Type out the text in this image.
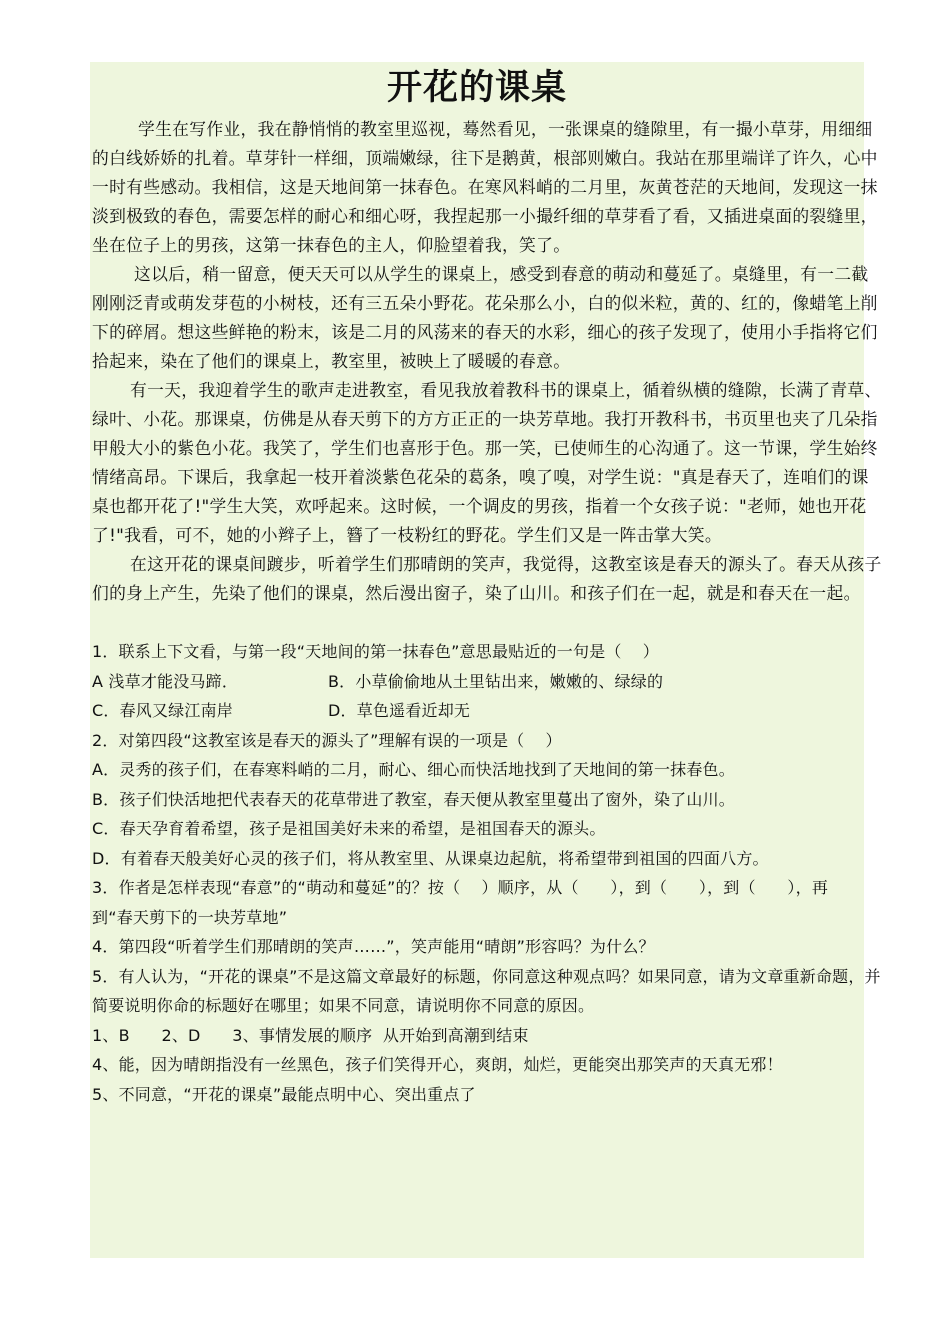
开花的课桌

学生在写作业，我在静悄悄的教室里巡视，蓦然看见，一张课桌的缝隙里，有一撮小草芽，用细细的白线娇娇的扎着。草芽针一样细，顶端嫩绿，往下是鹅黄，根部则嫩白。我站在那里端详了许久，心中一时有些感动。我相信，这是天地间第一抹春色。在寒风料峭的二月里，灰黄苍茫的天地间，发现这一抹淡到极致的春色，需要怎样的耐心和细心呀，我捏起那一小撮纤细的草芽看了看，又插进桌面的裂缝里，坐在位子上的男孩，这第一抹春色的主人，仰脸望着我，笑了。

这以后，稍一留意，便天天可以从学生的课桌上，感受到春意的萌动和蔓延了。桌缝里，有一二截刚刚泛青或萌发芽苞的小树枝，还有三五朵小野花。花朵那么小，白的似米粒，黄的、红的，像蜡笔上削下的碎屑。想这些鲜艳的粉末，该是二月的风荡来的春天的水彩，细心的孩子发现了，使用小手指将它们拾起来，染在了他们的课桌上，教室里，被映上了暖暖的春意。

有一天，我迎着学生的歌声走进教室，看见我放着教科书的课桌上，循着纵横的缝隙，长满了青草、绿叶、小花。那课桌，仿佛是从春天剪下的方方正正的一块芳草地。我打开教科书，书页里也夹了几朵指甲般大小的紫色小花。我笑了，学生们也喜形于色。那一笑，已使师生的心沟通了。这一节课，学生始终情绪高昂。下课后，我拿起一枝开着淡紫色花朵的葛条，嗅了嗅，对学生说："真是春天了，连咱们的课桌也都开花了!"学生大笑，欢呼起来。这时候，一个调皮的男孩，指着一个女孩子说："老师，她也开花了!"我看，可不，她的小辫子上，簪了一枝粉红的野花。学生们又是一阵击掌大笑。

在这开花的课桌间踱步，听着学生们那晴朗的笑声，我觉得，这教室该是春天的源头了。春天从孩子们的身上产生，先染了他们的课桌，然后漫出窗子，染了山川。和孩子们在一起，就是和春天在一起。

1．联系上下文看，与第一段“天地间的第一抹春色”意思最贴近的一句是（    ）

A 浅草才能没马蹄．	B．小草偷偷地从土里钻出来，嫩嫩的、绿绿的
C．春风又绿江南岸	D．草色遥看近却无

2．对第四段“这教室该是春天的源头了”理解有误的一项是（    ）

A．灵秀的孩子们，在春寒料峭的二月，耐心、细心而快活地找到了天地间的第一抹春色。

B．孩子们快活地把代表春天的花草带进了教室，春天便从教室里蔓出了窗外，染了山川。

C．春天孕育着希望，孩子是祖国美好未来的希望，是祖国春天的源头。

D．有着春天般美好心灵的孩子们，将从教室里、从课桌边起航，将希望带到祖国的四面八方。

3．作者是怎样表现“春意”的“萌动和蔓延”的？按（    ）顺序，从（      ），到（      ），到（      ），再到“春天剪下的一块芳草地”

4．第四段“听着学生们那晴朗的笑声……”，笑声能用“晴朗”形容吗？为什么？

5．有人认为，“开花的课桌”不是这篇文章最好的标题，你同意这种观点吗？如果同意，请为文章重新命题，并简要说明你命的标题好在哪里；如果不同意，请说明你不同意的原因。

1、B      2、D      3、事情发展的顺序  从开始到高潮到结束

4、能，因为晴朗指没有一丝黑色，孩子们笑得开心，爽朗，灿烂，更能突出那笑声的天真无邪！

5、不同意，“开花的课桌”最能点明中心、突出重点了
